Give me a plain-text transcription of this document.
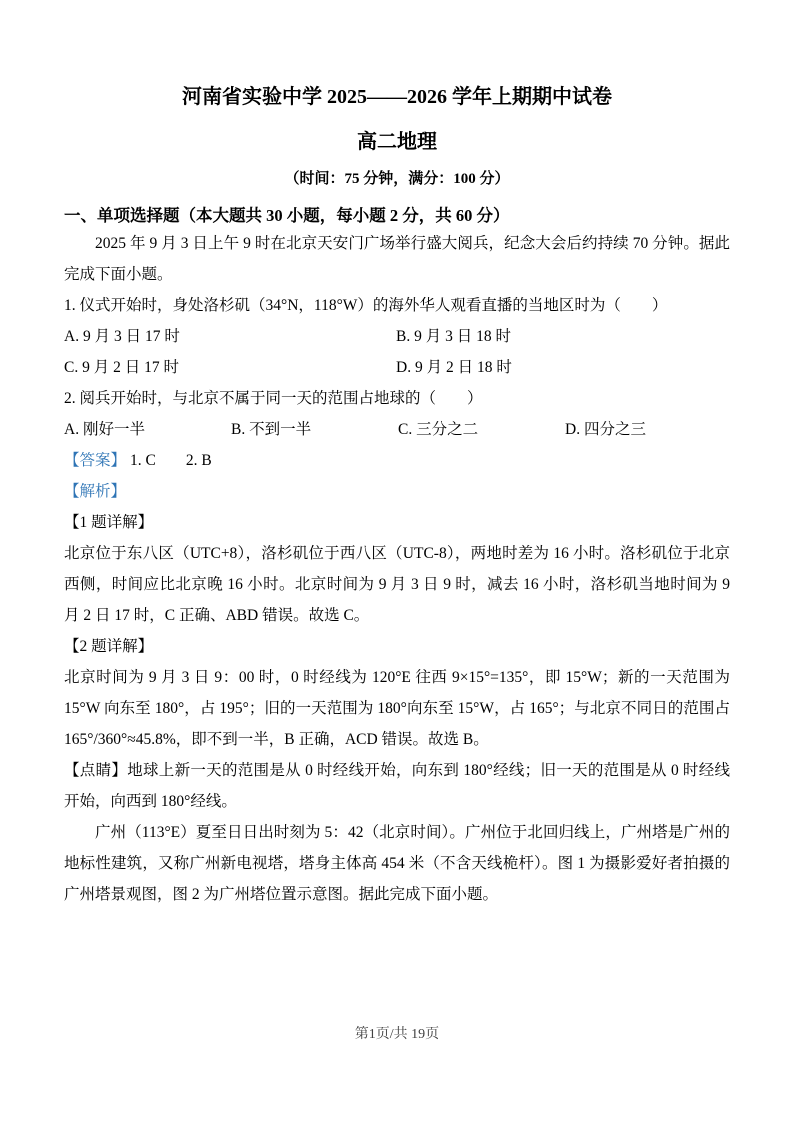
河南省实验中学 2025——2026 学年上期期中试卷
高二地理
（时间：75 分钟，满分：100 分）
一、单项选择题（本大题共 30 小题，每小题 2 分，共 60 分）

2025 年 9 月 3 日上午 9 时在北京天安门广场举行盛大阅兵，纪念大会后约持续 70 分钟。据此完成下面小题。

1. 仪式开始时，身处洛杉矶（34°N，118°W）的海外华人观看直播的当地区时为（　　）

A. 9 月 3 日 17 时	B. 9 月 3 日 18 时
C. 9 月 2 日 17 时	D. 9 月 2 日 18 时

2. 阅兵开始时，与北京不属于同一天的范围占地球的（　　）

A. 刚好一半	B. 不到一半	C. 三分之二	D. 四分之三

【答案】 1. C 2. B

【解析】

【1 题详解】

北京位于东八区（UTC+8），洛杉矶位于西八区（UTC-8），两地时差为 16 小时。洛杉矶位于北京西侧，时间应比北京晚 16 小时。北京时间为 9 月 3 日 9 时，减去 16 小时，洛杉矶当地时间为 9 月 2 日 17 时，C 正确、ABD 错误。故选 C。

【2 题详解】

北京时间为 9 月 3 日 9：00 时，0 时经线为 120°E 往西 9×15°=135°，即 15°W；新的一天范围为 15°W 向东至 180°，占 195°；旧的一天范围为 180°向东至 15°W，占 165°；与北京不同日的范围占 165°/360°≈45.8%，即不到一半，B 正确，ACD 错误。故选 B。

【点睛】地球上新一天的范围是从 0 时经线开始，向东到 180°经线；旧一天的范围是从 0 时经线开始，向西到 180°经线。

广州（113°E）夏至日日出时刻为 5：42（北京时间）。广州位于北回归线上，广州塔是广州的地标性建筑，又称广州新电视塔，塔身主体高 454 米（不含天线桅杆）。图 1 为摄影爱好者拍摄的广州塔景观图，图 2 为广州塔位置示意图。据此完成下面小题。

第1页/共 19页
